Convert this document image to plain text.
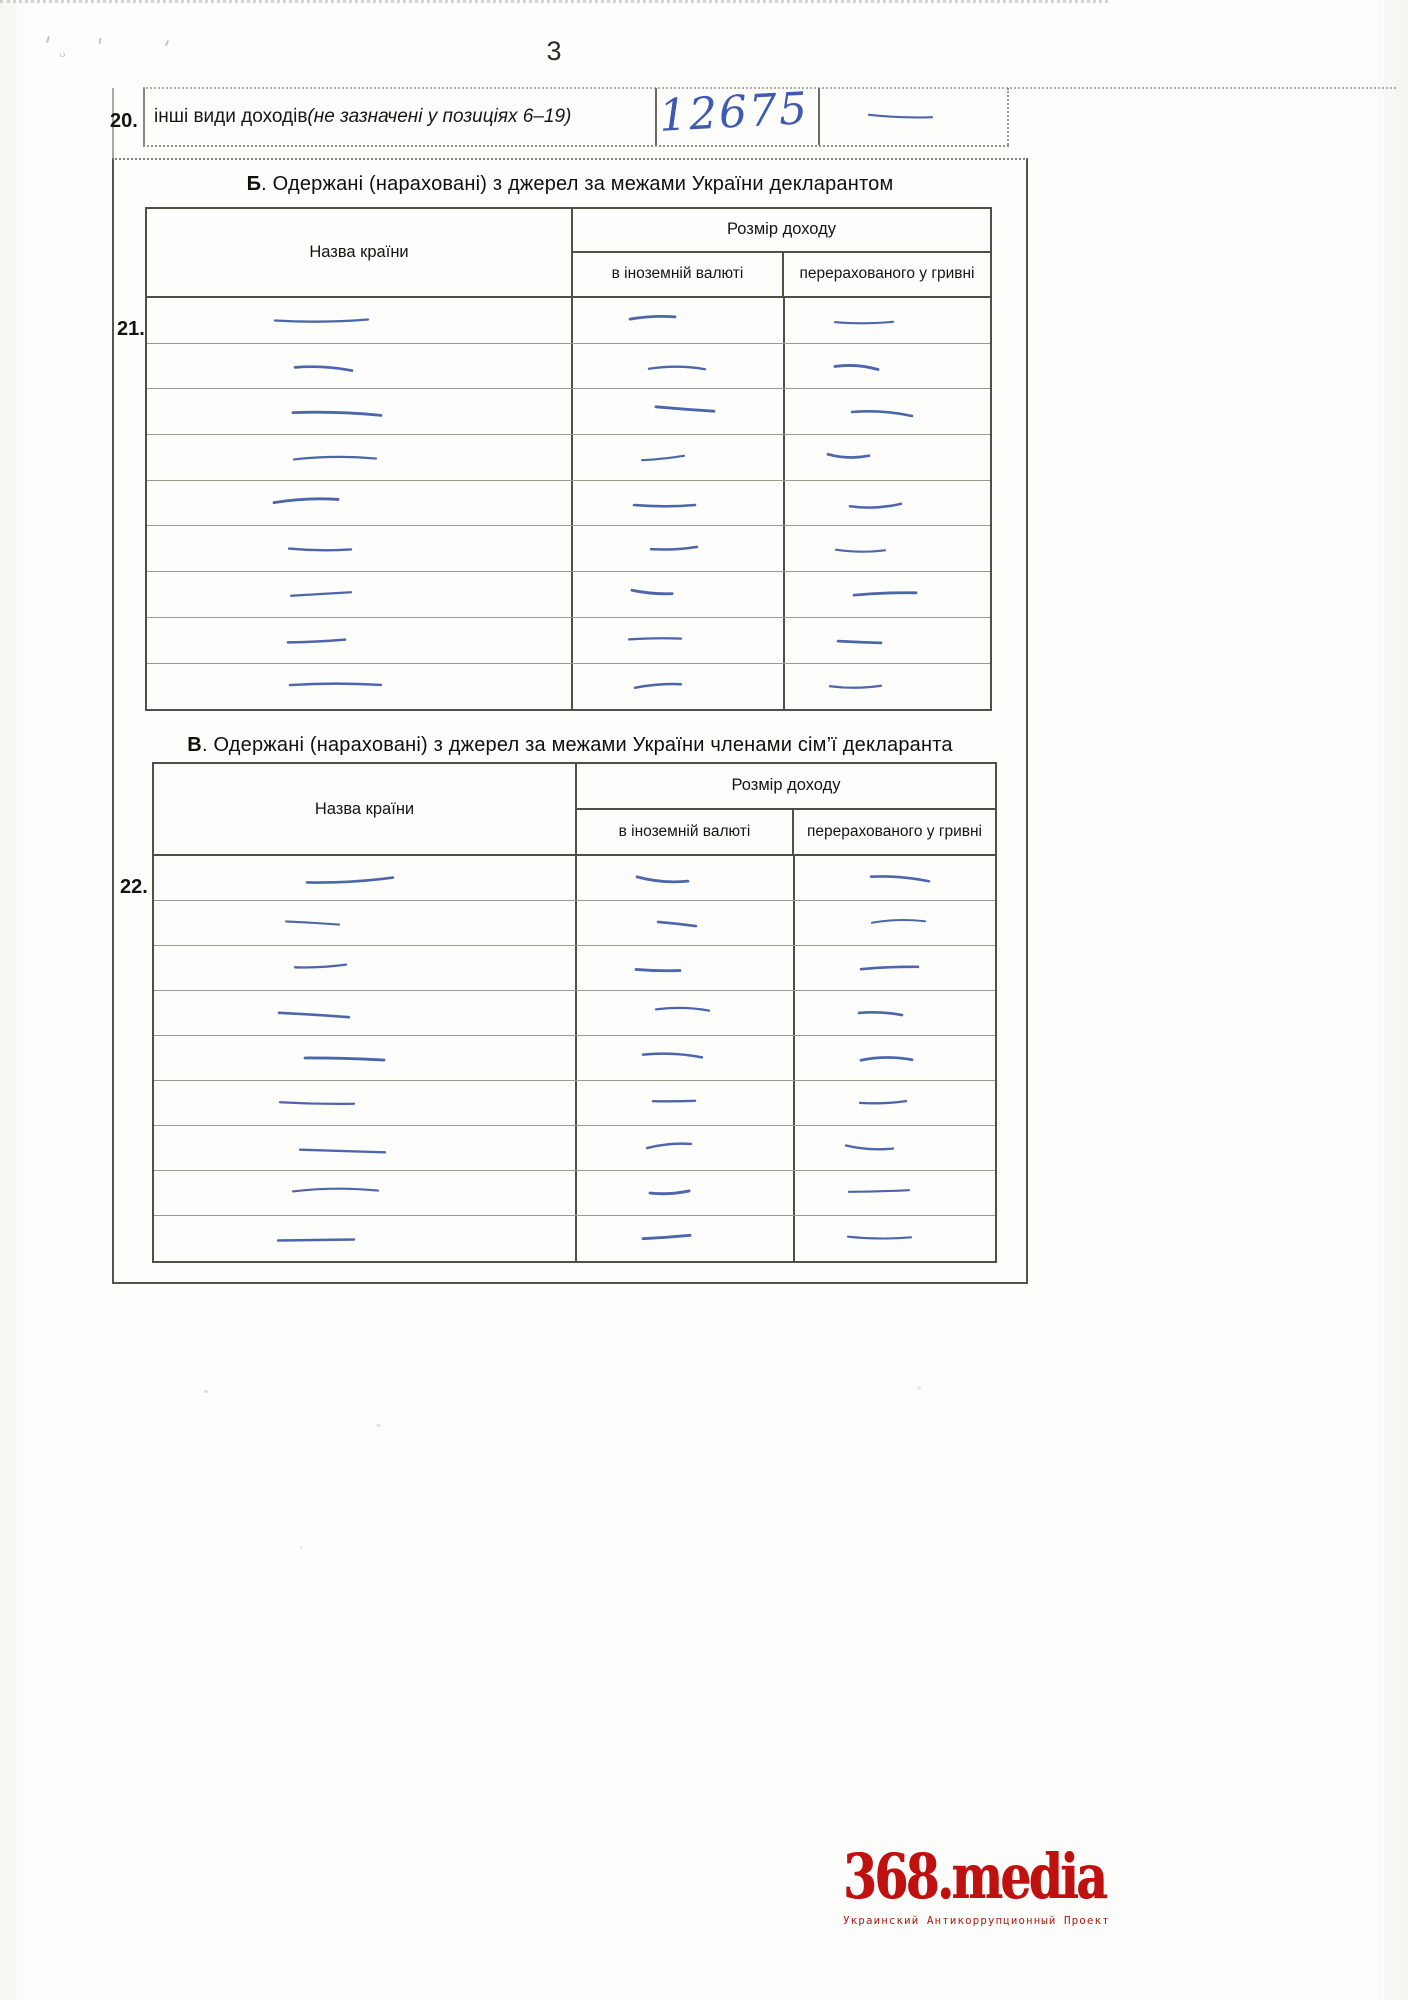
3
20. інші види доходів (не зазначені у позиціях 6–19) 12675
Б. Одержані (нараховані) з джерел за межами України декларантом
21.
Назва країни
Розмір доходу
в іноземній валюті	перерахованого у гривні
В. Одержані (нараховані) з джерел за межами України членами сім’ї декларанта
22.
Назва країни
Розмір доходу
в іноземній валюті	перерахованого у гривні
368.media
Украинский Антикоррупционный Проект
